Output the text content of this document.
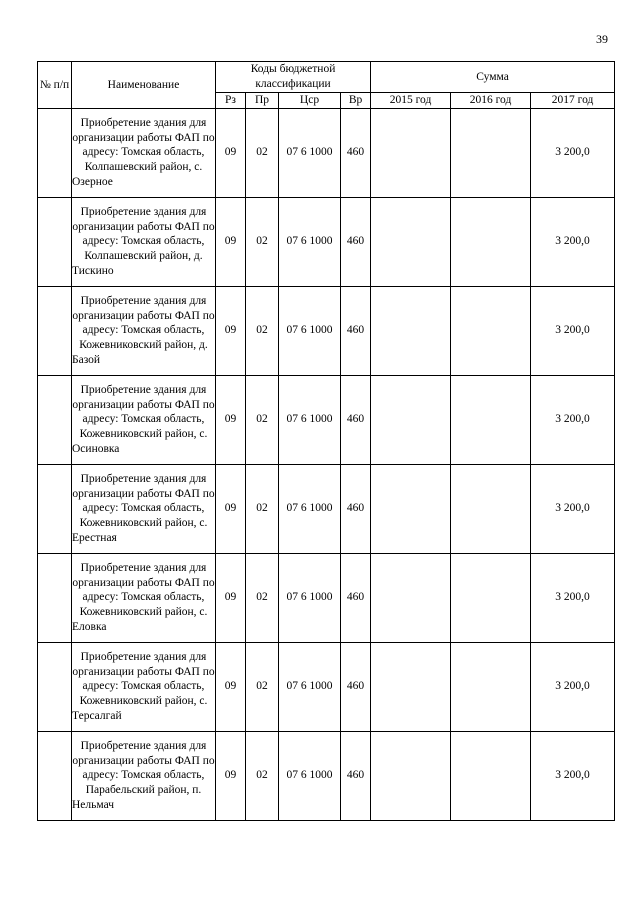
39
№ п/п	Наименование	Коды бюджетной классификации				Сумма		
		Рз	Пр	Цср	Вр	2015 год	2016 год	2017 год
	Приобретение здания для организации работы ФАП по адресу: Томская область, Колпашевский район, с. Озерное	09	02	07 6 1000	460			3 200,0
	Приобретение здания для организации работы ФАП по адресу: Томская область, Колпашевский район, д. Тискино	09	02	07 6 1000	460			3 200,0
	Приобретение здания для организации работы ФАП по адресу: Томская область, Кожевниковский район, д. Базой	09	02	07 6 1000	460			3 200,0
	Приобретение здания для организации работы ФАП по адресу: Томская область, Кожевниковский район, с. Осиновка	09	02	07 6 1000	460			3 200,0
	Приобретение здания для организации работы ФАП по адресу: Томская область, Кожевниковский район, с. Ерестная	09	02	07 6 1000	460			3 200,0
	Приобретение здания для организации работы ФАП по адресу: Томская область, Кожевниковский район, с. Еловка	09	02	07 6 1000	460			3 200,0
	Приобретение здания для организации работы ФАП по адресу: Томская область, Кожевниковский район, с. Терсалгай	09	02	07 6 1000	460			3 200,0
	Приобретение здания для организации работы ФАП по адресу: Томская область, Парабельский район, п. Нельмач	09	02	07 6 1000	460			3 200,0
